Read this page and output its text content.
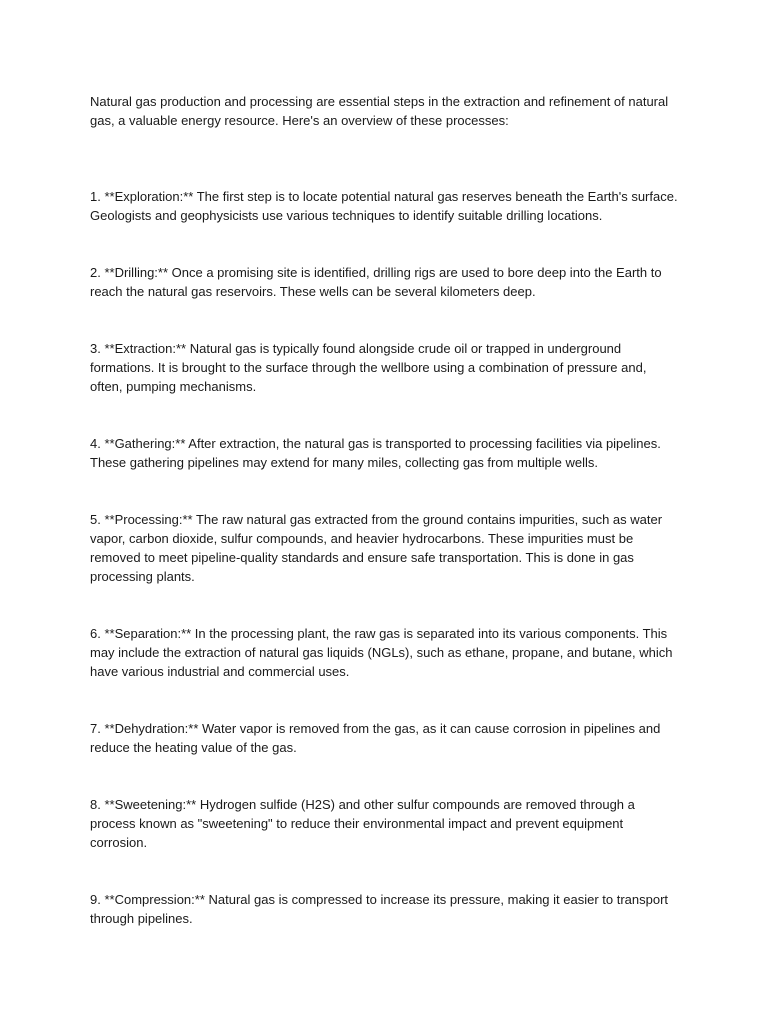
Natural gas production and processing are essential steps in the extraction and refinement of natural gas, a valuable energy resource. Here's an overview of these processes:

1. **Exploration:** The first step is to locate potential natural gas reserves beneath the Earth's surface. Geologists and geophysicists use various techniques to identify suitable drilling locations.

2. **Drilling:** Once a promising site is identified, drilling rigs are used to bore deep into the Earth to reach the natural gas reservoirs. These wells can be several kilometers deep.

3. **Extraction:** Natural gas is typically found alongside crude oil or trapped in underground formations. It is brought to the surface through the wellbore using a combination of pressure and, often, pumping mechanisms.

4. **Gathering:** After extraction, the natural gas is transported to processing facilities via pipelines. These gathering pipelines may extend for many miles, collecting gas from multiple wells.

5. **Processing:** The raw natural gas extracted from the ground contains impurities, such as water vapor, carbon dioxide, sulfur compounds, and heavier hydrocarbons. These impurities must be removed to meet pipeline-quality standards and ensure safe transportation. This is done in gas processing plants.

6. **Separation:** In the processing plant, the raw gas is separated into its various components. This may include the extraction of natural gas liquids (NGLs), such as ethane, propane, and butane, which have various industrial and commercial uses.

7. **Dehydration:** Water vapor is removed from the gas, as it can cause corrosion in pipelines and reduce the heating value of the gas.

8. **Sweetening:** Hydrogen sulfide (H2S) and other sulfur compounds are removed through a process known as "sweetening" to reduce their environmental impact and prevent equipment corrosion.

9. **Compression:** Natural gas is compressed to increase its pressure, making it easier to transport through pipelines.
